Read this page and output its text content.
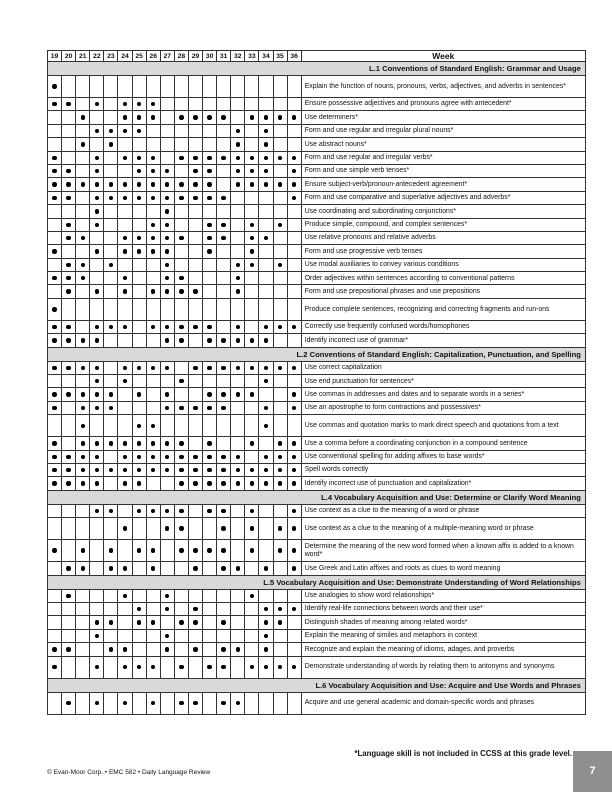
19	20	21	22	23	24	25	26	27	28	29	30	31	32	33	34	35	36	Week
L.1 Conventions of Standard English: Grammar and Usage																		
																		Explain the function of nouns, pronouns, verbs, adjectives, and adverbs in sentences*
																		Ensure possessive adjectives and pronouns agree with antecedent*
																		Use determiners*
																		Form and use regular and irregular plural nouns*
																		Use abstract nouns*
																		Form and use regular and irregular verbs*
																		Form and use simple verb tenses*
																		Ensure subject-verb/pronoun-antecedent agreement*
																		Form and use comparative and superlative adjectives and adverbs*
																		Use coordinating and subordinating conjunctions*
																		Produce simple, compound, and complex sentences*
																		Use relative pronouns and relative adverbs
																		Form and use progressive verb tenses
																		Use modal auxiliaries to convey various conditions
																		Order adjectives within sentences according to conventional patterns
																		Form and use prepositional phrases and use prepositions
																		Produce complete sentences, recognizing and correcting fragments and run-ons
																		Correctly use frequently confused words/homophones
																		Identify incorrect use of grammar*
L.2 Conventions of Standard English: Capitalization, Punctuation, and Spelling																		
																		Use correct capitalization
																		Use end punctuation for sentences*
																		Use commas in addresses and dates and to separate words in a series*
																		Use an apostrophe to form contractions and possessives*
																		Use commas and quotation marks to mark direct speech and quotations from a text
																		Use a comma before a coordinating conjunction in a compound sentence
																		Use conventional spelling for adding affixes to base words*
																		Spell words correctly
																		Identify incorrect use of punctuation and capitalization*
L.4 Vocabulary Acquisition and Use: Determine or Clarify Word Meaning																		
																		Use context as a clue to the meaning of a word or phrase
																		Use context as a clue to the meaning of a multiple-meaning word or phrase
																		Determine the meaning of the new word formed when a known affix is added to a known word*
																		Use Greek and Latin affixes and roots as clues to word meaning
L.5 Vocabulary Acquisition and Use: Demonstrate Understanding of Word Relationships																		
																		Use analogies to show word relationships*
																		Identify real-life connections between words and their use*
																		Distinguish shades of meaning among related words*
																		Explain the meaning of similes and metaphors in context
																		Recognize and explain the meaning of idioms, adages, and proverbs
																		Demonstrate understanding of words by relating them to antonyms and synonyms
L.6 Vocabulary Acquisition and Use: Acquire and Use Words and Phrases																		
																		Acquire and use general academic and domain-specific words and phrases
*Language skill is not included in CCSS at this grade level.
© Evan-Moor Corp. • EMC 582 • Daily Language Review	7
